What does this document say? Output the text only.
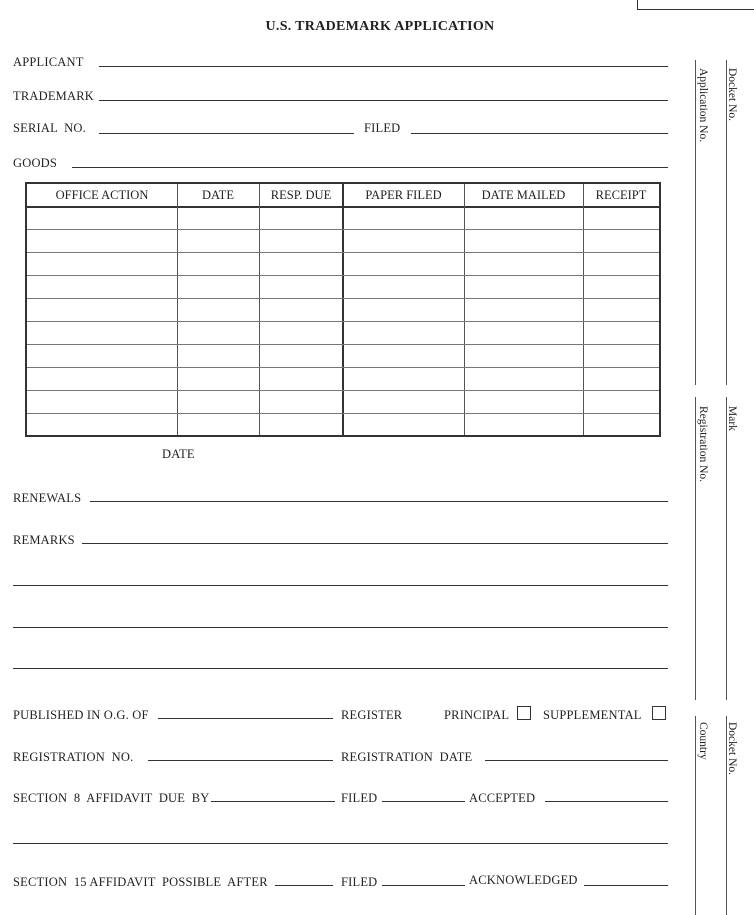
U.S. TRADEMARK APPLICATION
APPLICANT
TRADEMARK
SERIAL  NO.	FILED
GOODS
OFFICE ACTION	DATE	RESP. DUE	PAPER FILED	DATE MAILED	RECEIPT
DATE
RENEWALS
REMARKS
PUBLISHED IN O.G. OF	REGISTER	PRINCIPAL	SUPPLEMENTAL
REGISTRATION  NO.	REGISTRATION  DATE
SECTION  8  AFFIDAVIT  DUE  BY	FILED	ACCEPTED
SECTION  15 AFFIDAVIT  POSSIBLE  AFTER	FILED	ACKNOWLEDGED
Docket No.
Application No.
Mark
Registration No.
Docket No.
Country
